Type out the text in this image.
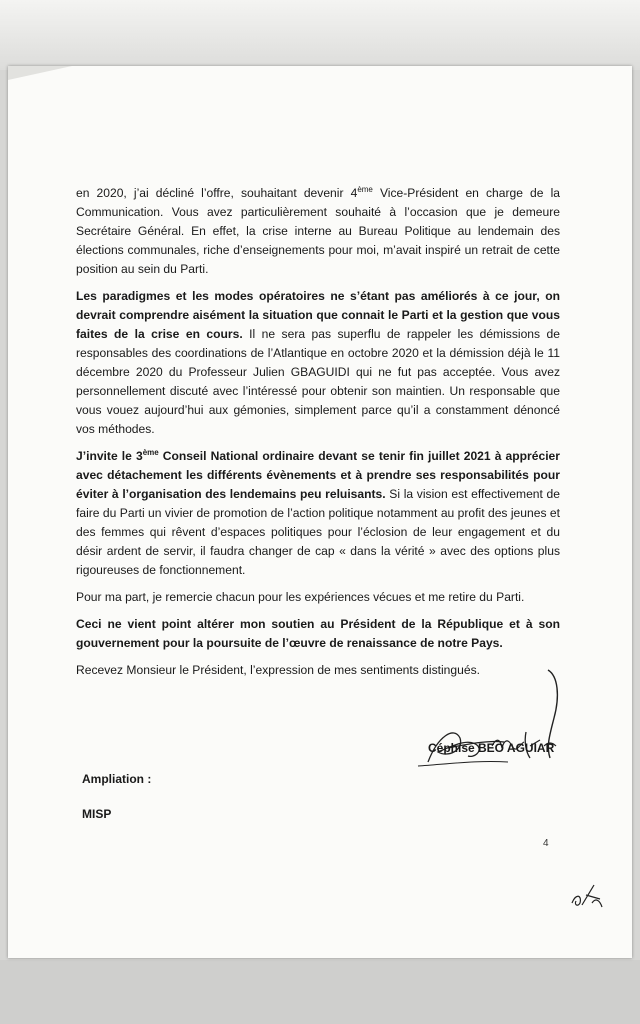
en 2020, j’ai décliné l’offre, souhaitant devenir 4ème Vice-Président en charge de la Communication. Vous avez particulièrement souhaité à l’occasion que je demeure Secrétaire Général. En effet, la crise interne au Bureau Politique au lendemain des élections communales, riche d’enseignements pour moi, m’avait inspiré un retrait de cette position au sein du Parti.

Les paradigmes et les modes opératoires ne s’étant pas améliorés à ce jour, on devrait comprendre aisément la situation que connait le Parti et la gestion que vous faites de la crise en cours. Il ne sera pas superflu de rappeler les démissions de responsables des coordinations de l’Atlantique en octobre 2020 et la démission déjà le 11 décembre 2020 du Professeur Julien GBAGUIDI qui ne fut pas acceptée. Vous avez personnellement discuté avec l’intéressé pour obtenir son maintien. Un responsable que vous vouez aujourd’hui aux gémonies, simplement parce qu’il a constamment dénoncé vos méthodes.

J’invite le 3ème Conseil National ordinaire devant se tenir fin juillet 2021 à apprécier avec détachement les différents évènements et à prendre ses responsabilités pour éviter à l’organisation des lendemains peu reluisants. Si la vision est effectivement de faire du Parti un vivier de promotion de l’action politique notamment au profit des jeunes et des femmes qui rêvent d’espaces politiques pour l’éclosion de leur engagement et du désir ardent de servir, il faudra changer de cap « dans la vérité » avec des options plus rigoureuses de fonctionnement.

Pour ma part, je remercie chacun pour les expériences vécues et me retire du Parti.

Ceci ne vient point altérer mon soutien au Président de la République et à son gouvernement pour la poursuite de l’œuvre de renaissance de notre Pays.

Recevez Monsieur le Président, l’expression de mes sentiments distingués.

Céphise BEO AGUIAR
Ampliation :
MISP
4
